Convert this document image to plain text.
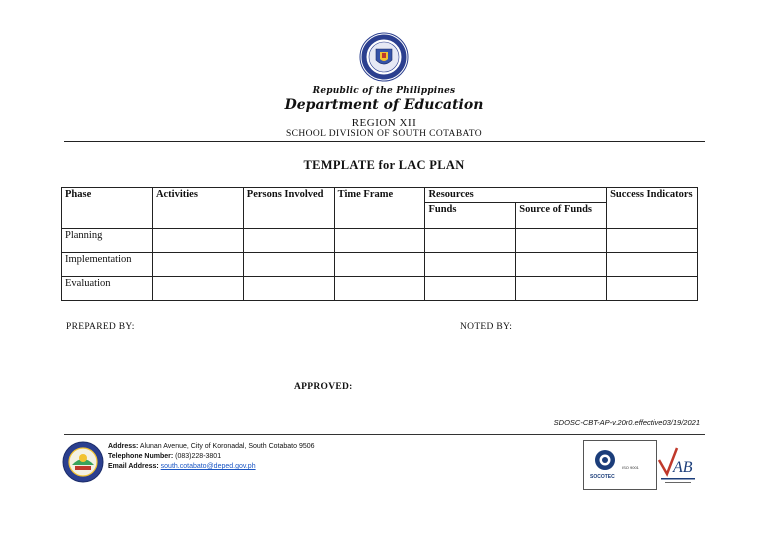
Republic of the Philippines
Department of Education
REGION XII
SCHOOL DIVISION OF SOUTH COTABATO
TEMPLATE for LAC PLAN
Phase	Activities	Persons Involved	Time Frame	Resources		Success Indicators
				Funds	Source of Funds	
Planning						
Implementation						
Evaluation						
PREPARED BY:	NOTED BY:
APPROVED:
SDOSC-CBT-AP-v.20r0.effective03/19/2021
Address: Alunan Avenue, City of Koronadal, South Cotabato 9506
Telephone Number: (083)228-3801
Email Address: south.cotabato@deped.gov.ph	ISO 9001
SOCOTEC
AB
